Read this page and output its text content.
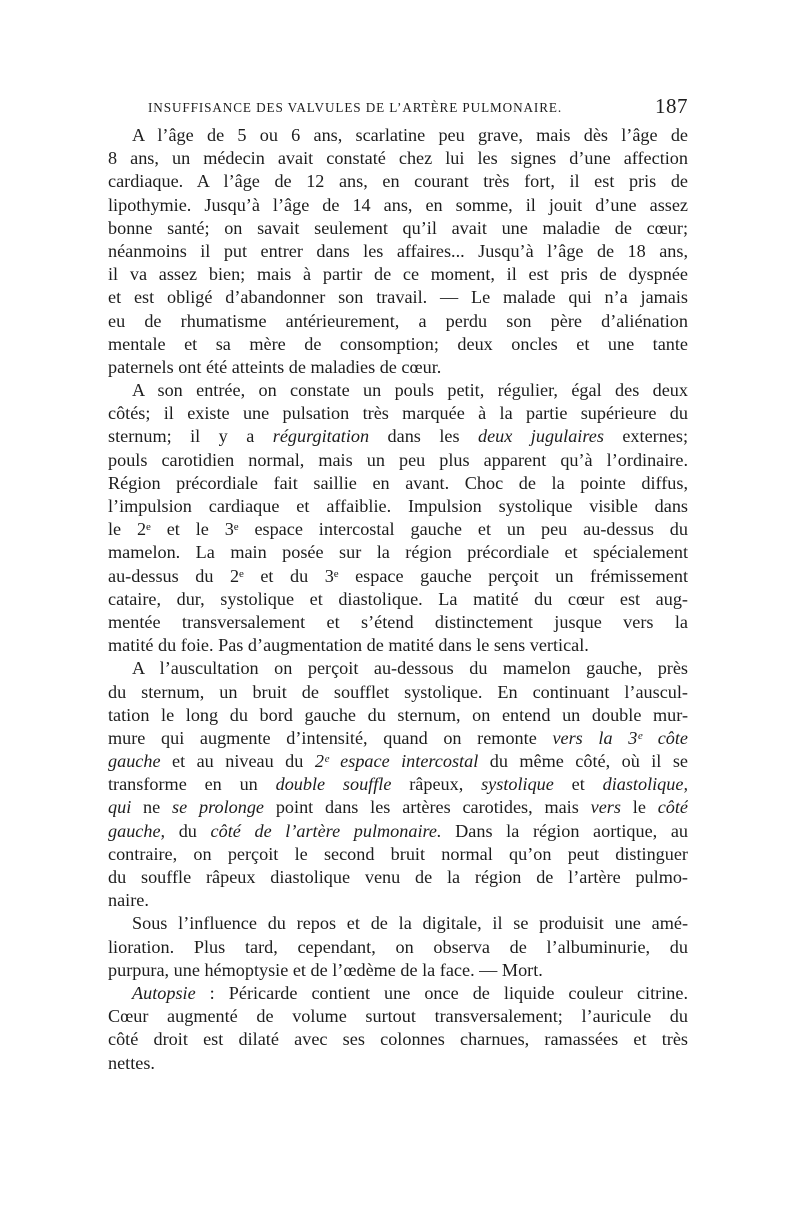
INSUFFISANCE DES VALVULES DE L’ARTÈRE PULMONAIRE.	187
A l’âge de 5 ou 6 ans, scarlatine peu grave, mais dès l’âge de
8 ans, un médecin avait constaté chez lui les signes d’une affection
cardiaque. A l’âge de 12 ans, en courant très fort, il est pris de
lipothymie. Jusqu’à l’âge de 14 ans, en somme, il jouit d’une assez
bonne santé; on savait seulement qu’il avait une maladie de cœur;
néanmoins il put entrer dans les affaires... Jusqu’à l’âge de 18 ans,
il va assez bien; mais à partir de ce moment, il est pris de dyspnée
et est obligé d’abandonner son travail. — Le malade qui n’a jamais
eu de rhumatisme antérieurement, a perdu son père d’aliénation
mentale et sa mère de consomption; deux oncles et une tante
paternels ont été atteints de maladies de cœur.
A son entrée, on constate un pouls petit, régulier, égal des deux
côtés; il existe une pulsation très marquée à la partie supérieure du
sternum; il y a régurgitation dans les deux jugulaires externes;
pouls carotidien normal, mais un peu plus apparent qu’à l’ordinaire.
Région précordiale fait saillie en avant. Choc de la pointe diffus,
l’impulsion cardiaque et affaiblie. Impulsion systolique visible dans
le 2ᵉ et le 3ᵉ espace intercostal gauche et un peu au-dessus du
mamelon. La main posée sur la région précordiale et spécialement
au-dessus du 2ᵉ et du 3ᵉ espace gauche perçoit un frémissement
cataire, dur, systolique et diastolique. La matité du cœur est aug-
mentée transversalement et s’étend distinctement jusque vers la
matité du foie. Pas d’augmentation de matité dans le sens vertical.
A l’auscultation on perçoit au-dessous du mamelon gauche, près
du sternum, un bruit de soufflet systolique. En continuant l’auscul-
tation le long du bord gauche du sternum, on entend un double mur-
mure qui augmente d’intensité, quand on remonte vers la 3ᵉ côte
gauche et au niveau du 2ᵉ espace intercostal du même côté, où il se
transforme en un double souffle râpeux, systolique et diastolique,
qui ne se prolonge point dans les artères carotides, mais vers le côté
gauche, du côté de l’artère pulmonaire. Dans la région aortique, au
contraire, on perçoit le second bruit normal qu’on peut distinguer
du souffle râpeux diastolique venu de la région de l’artère pulmo-
naire.
Sous l’influence du repos et de la digitale, il se produisit une amé-
lioration. Plus tard, cependant, on observa de l’albuminurie, du
purpura, une hémoptysie et de l’œdème de la face. — Mort.
Autopsie : Péricarde contient une once de liquide couleur citrine.
Cœur augmenté de volume surtout transversalement; l’auricule du
côté droit est dilaté avec ses colonnes charnues, ramassées et très
nettes.
